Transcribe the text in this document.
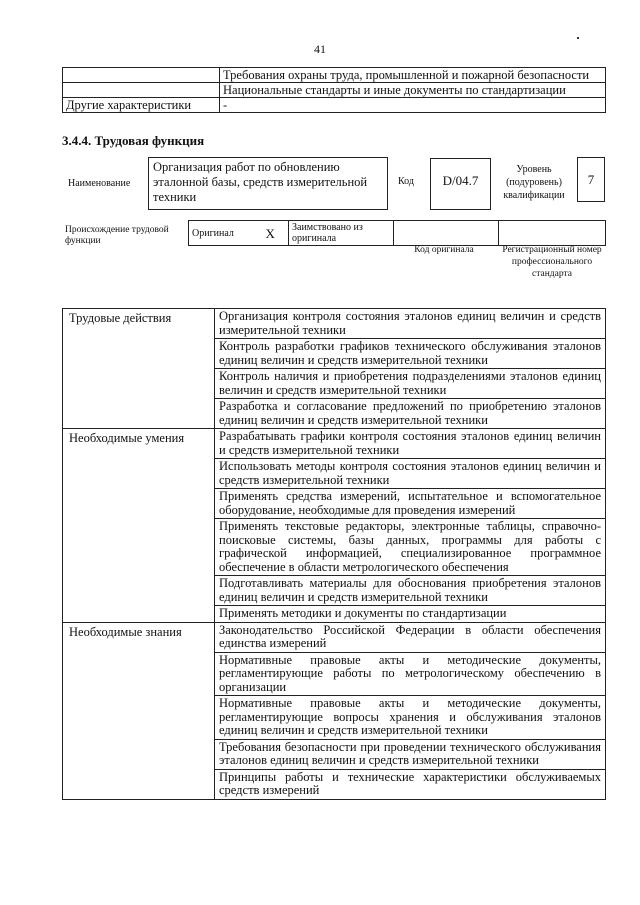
41
	Требования охраны труда, промышленной и пожарной безопасности
	Национальные стандарты и иные документы по стандартизации
Другие характеристики	-
3.4.4. Трудовая функция
Наименование
Организация работ по обновлению эталонной базы, средств измерительной техники
Код	D/04.7
Уровень (подуровень) квалификации
7
Происхождение трудовой функции
Оригинал	X	Заимствовано из оригинала		
Код оригинала	Регистрационный номер профессионального стандарта
Трудовые действия	Организация контроля состояния эталонов единиц величин и средств измерительной техники
	Контроль разработки графиков технического обслуживания эталонов единиц величин и средств измерительной техники
	Контроль наличия и приобретения подразделениями эталонов единиц величин и средств измерительной техники
	Разработка и согласование предложений по приобретению эталонов единиц величин и средств измерительной техники
Необходимые умения	Разрабатывать графики контроля состояния эталонов единиц величин и средств измерительной техники
	Использовать методы контроля состояния эталонов единиц величин и средств измерительной техники
	Применять средства измерений, испытательное и вспомогательное оборудование, необходимые для проведения измерений
	Применять текстовые редакторы, электронные таблицы, справочно-поисковые системы, базы данных, программы для работы с графической информацией, специализированное программное обеспечение в области метрологического обеспечения
	Подготавливать материалы для обоснования приобретения эталонов единиц величин и средств измерительной техники
	Применять методики и документы по стандартизации
Необходимые знания	Законодательство Российской Федерации в области обеспечения единства измерений
	Нормативные правовые акты и методические документы, регламентирующие работы по метрологическому обеспечению в организации
	Нормативные правовые акты и методические документы, регламентирующие вопросы хранения и обслуживания эталонов единиц величин и средств измерительной техники
	Требования безопасности при проведении технического обслуживания эталонов единиц величин и средств измерительной техники
	Принципы работы и технические характеристики обслуживаемых средств измерений
